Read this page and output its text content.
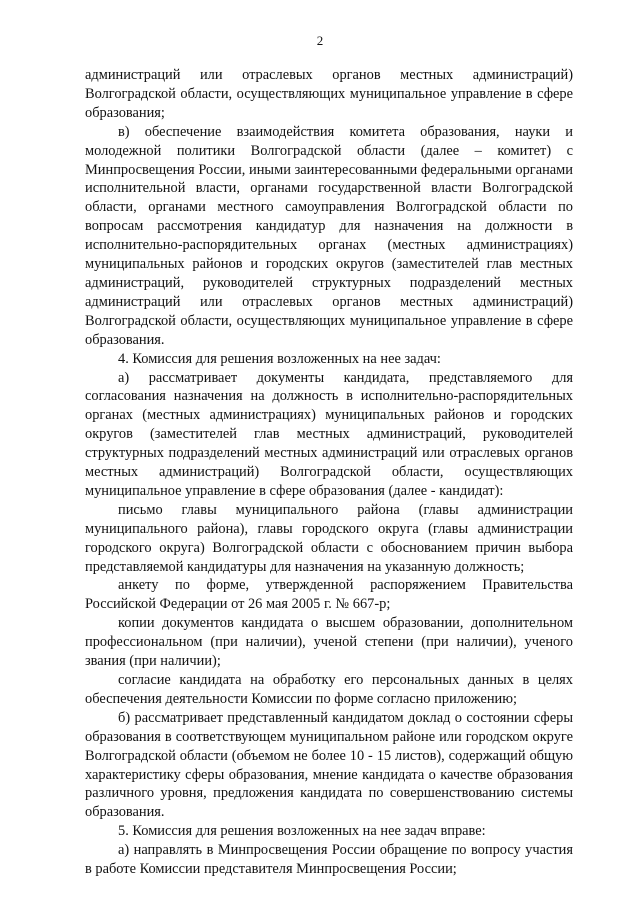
2

администраций или отраслевых органов местных администраций) Волгоградской области, осуществляющих муниципальное управление в сфере образования;

в) обеспечение взаимодействия комитета образования, науки и молодежной политики Волгоградской области (далее – комитет) с Минпросвещения России, иными заинтересованными федеральными органами исполнительной власти, органами государственной власти Волгоградской области, органами местного самоуправления Волгоградской области по вопросам рассмотрения кандидатур для назначения на должности в исполнительно-распорядительных органах (местных администрациях) муниципальных районов и городских округов (заместителей глав местных администраций, руководителей структурных подразделений местных администраций или отраслевых органов местных администраций) Волгоградской области, осуществляющих муниципальное управление в сфере образования.

4. Комиссия для решения возложенных на нее задач:

а) рассматривает документы кандидата, представляемого для согласования назначения на должность в исполнительно-распорядительных органах (местных администрациях) муниципальных районов и городских округов (заместителей глав местных администраций, руководителей структурных подразделений местных администраций или отраслевых органов местных администраций) Волгоградской области, осуществляющих муниципальное управление в сфере образования (далее - кандидат):

письмо главы муниципального района (главы администрации муниципального района), главы городского округа (главы администрации городского округа) Волгоградской области с обоснованием причин выбора представляемой кандидатуры для назначения на указанную должность;

анкету по форме, утвержденной распоряжением Правительства Российской Федерации от 26 мая 2005 г. № 667-р;

копии документов кандидата о высшем образовании, дополнительном профессиональном (при наличии), ученой степени (при наличии), ученого звания (при наличии);

согласие кандидата на обработку его персональных данных в целях обеспечения деятельности Комиссии по форме согласно приложению;

б) рассматривает представленный кандидатом доклад о состоянии сферы образования в соответствующем муниципальном районе или городском округе Волгоградской области (объемом не более 10 - 15 листов), содержащий общую характеристику сферы образования, мнение кандидата о качестве образования различного уровня, предложения кандидата по совершенствованию системы образования.

5. Комиссия для решения возложенных на нее задач вправе:

а) направлять в Минпросвещения России обращение по вопросу участия в работе Комиссии представителя Минпросвещения России;
